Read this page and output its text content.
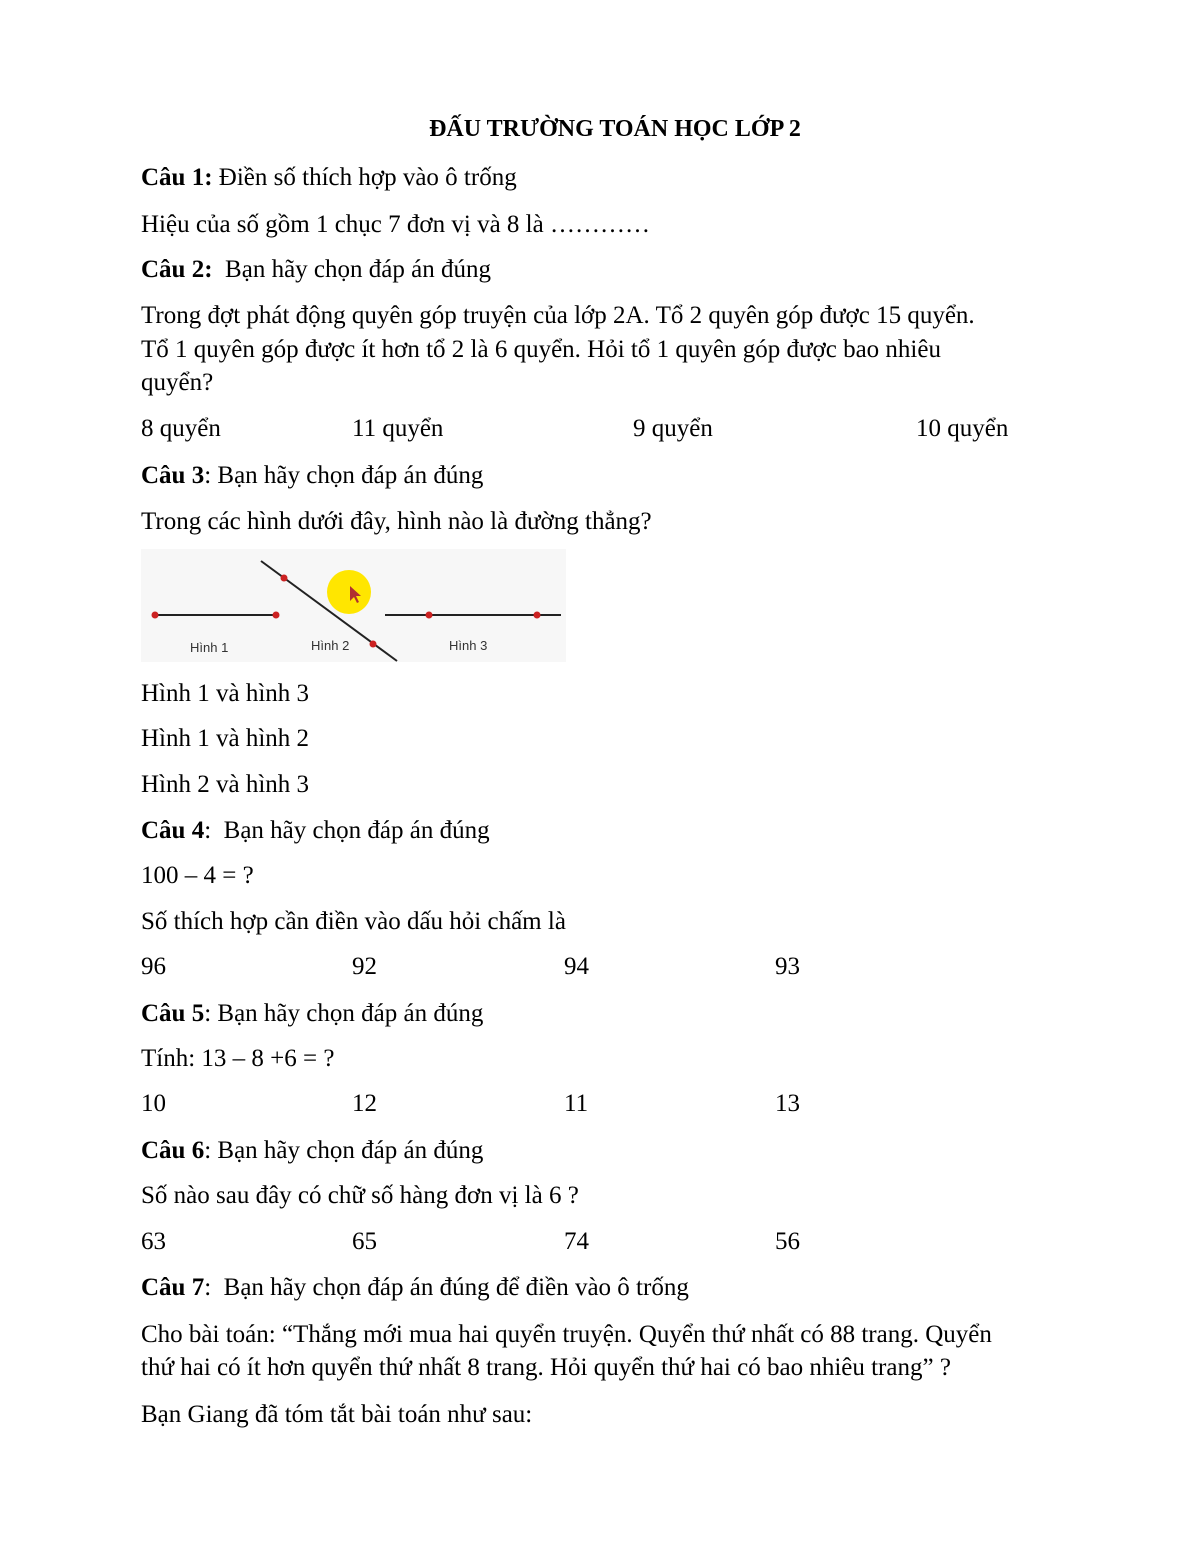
ĐẤU TRƯỜNG TOÁN HỌC LỚP 2
Câu 1: Điền số thích hợp vào ô trống
Hiệu của số gồm 1 chục 7 đơn vị và 8 là …………
Câu 2:  Bạn hãy chọn đáp án đúng
Trong đợt phát động quyên góp truyện của lớp 2A. Tổ 2 quyên góp được 15 quyển.
Tổ 1 quyên góp được ít hơn tổ 2 là 6 quyển. Hỏi tổ 1 quyên góp được bao nhiêu
quyển?
8 quyển	11 quyển	9 quyển	10 quyển
Câu 3: Bạn hãy chọn đáp án đúng
Trong các hình dưới đây, hình nào là đường thẳng?
Hình 1	Hình 2	Hình 3
Hình 1 và hình 3
Hình 1 và hình 2
Hình 2 và hình 3
Câu 4:  Bạn hãy chọn đáp án đúng
100 – 4 = ?
Số thích hợp cần điền vào dấu hỏi chấm là
96	92	94	93
Câu 5: Bạn hãy chọn đáp án đúng
Tính: 13 – 8 +6 = ?
10	12	11	13
Câu 6: Bạn hãy chọn đáp án đúng
Số nào sau đây có chữ số hàng đơn vị là 6 ?
63	65	74	56
Câu 7:  Bạn hãy chọn đáp án đúng để điền vào ô trống
Cho bài toán: “Thắng mới mua hai quyển truyện. Quyển thứ nhất có 88 trang. Quyển
thứ hai có ít hơn quyển thứ nhất 8 trang. Hỏi quyển thứ hai có bao nhiêu trang” ?
Bạn Giang đã tóm tắt bài toán như sau:
